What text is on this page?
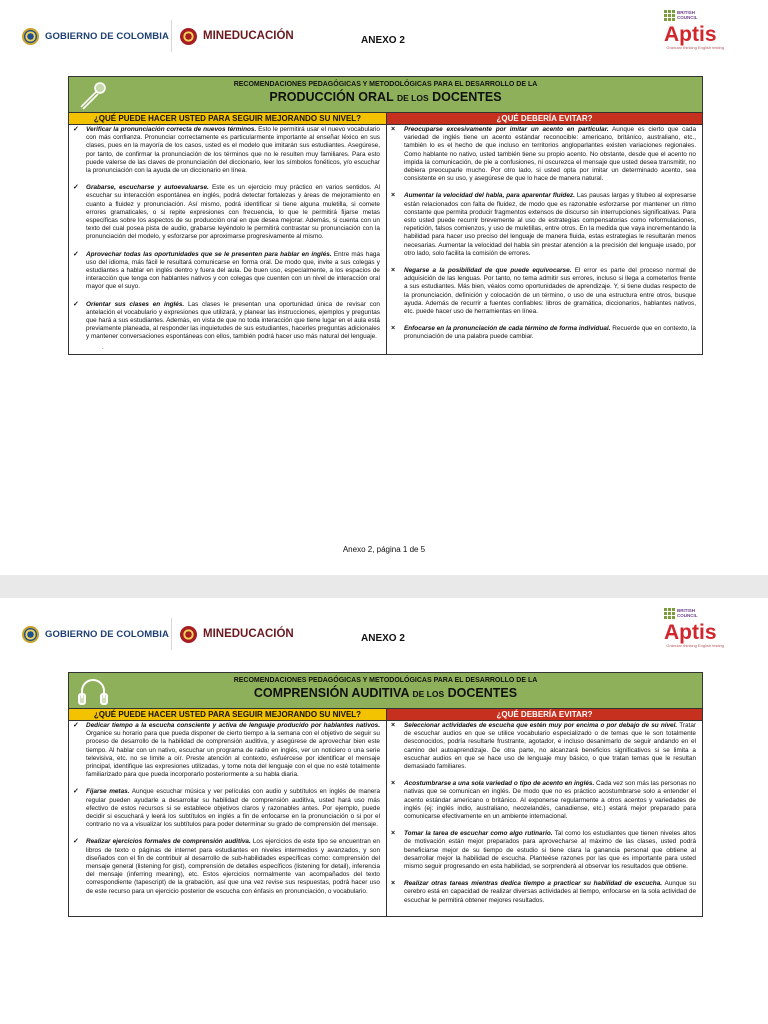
GOBIERNO DE COLOMBIA	MINEDUCACIÓN	ANEXO 2
BRITISH
COUNCIL
Aptis
Granular thinking English testing
RECOMENDACIONES PEDAGÓGICAS Y METODOLÓGICAS PARA EL DESARROLLO DE LA
PRODUCCIÓN ORAL DE LOS DOCENTES
¿QUÉ PUEDE HACER USTED PARA SEGUIR MEJORANDO SU NIVEL?	¿QUÉ DEBERÍA EVITAR?
✓	Verificar la pronunciación correcta de nuevos términos. Esto le permitirá usar el nuevo vocabulario con más confianza. Pronunciar correctamente es particularmente importante al enseñar léxico en sus clases, pues en la mayoría de los casos, usted es el modelo que imitarán sus estudiantes. Asegúrese, por tanto, de confirmar la pronunciación de los términos que no le resulten muy familiares. Para esto puede valerse de las claves de pronunciación del diccionario, leer los símbolos fonéticos, y/o escuchar la pronunciación con la ayuda de un diccionario en línea.
✓	Grabarse, escucharse y autoevaluarse. Este es un ejercicio muy práctico en varios sentidos. Al escuchar su interacción espontánea en inglés, podrá detectar fortalezas y áreas de mejoramiento en cuanto a fluidez y pronunciación. Así mismo, podrá identificar si tiene alguna muletilla, si comete errores gramaticales, o si repite expresiones con frecuencia, lo que le permitirá fijarse metas específicas sobre los aspectos de su producción oral en que desea mejorar. Además, si cuenta con un texto del cual posea pista de audio, grabarse leyéndolo le permitirá contrastar su pronunciación con la pronunciación del modelo, y esforzarse por aproximarse progresivamente al mismo.
✓	Aprovechar todas las oportunidades que se le presenten para hablar en inglés. Entre más haga uso del idioma, más fácil le resultará comunicarse en forma oral. De modo que, invite a sus colegas y estudiantes a hablar en inglés dentro y fuera del aula. De buen uso, especialmente, a los espacios de interacción que tenga con hablantes nativos y con colegas que cuenten con un nivel de interacción oral mayor que el suyo.
✓	Orientar sus clases en inglés. Las clases le presentan una oportunidad única de revisar con antelación el vocabulario y expresiones que utilizará, y planear las instrucciones, ejemplos y preguntas que hará a sus estudiantes. Además, en vista de que no toda interacción que tiene lugar en el aula está previamente planeada, al responder las inquietudes de sus estudiantes, hacerles preguntas adicionales y mantener conversaciones espontáneas con ellos, también podrá hacer uso más natural del lenguaje.
.
×	Preocuparse excesivamente por imitar un acento en particular. Aunque es cierto que cada variedad de inglés tiene un acento estándar reconocible: americano, británico, australiano, etc., también lo es el hecho de que incluso en territorios angloparlantes existen variaciones regionales. Como hablante no nativo, usted también tiene su propio acento. No obstante, desde que el acento no impida la comunicación, de pie a confusiones, ni oscurezca el mensaje que usted desea transmitir, no debiera preocuparle mucho. Por otro lado, si usted opta por imitar un determinado acento, sea consistente en su uso, y asegúrese de que lo hace de manera natural.
×	Aumentar la velocidad del habla, para aparentar fluidez. Las pausas largas y titubeo al expresarse están relacionados con falta de fluidez, de modo que es razonable esforzarse por mantener un ritmo constante que permita producir fragmentos extensos de discurso sin interrupciones significativas. Para esto usted puede recurrir brevemente al uso de estrategias compensatorias como reformulaciones, repetición, falsos comienzos, y uso de muletillas, entre otros. En la medida que vaya incrementando la habilidad para hacer uso preciso del lenguaje de manera fluida, estas estrategias le resultarán menos necesarias. Aumentar la velocidad del habla sin prestar atención a la precisión del lenguaje usado, por otro lado, solo facilita la comisión de errores.
×	Negarse a la posibilidad de que puede equivocarse. El error es parte del proceso normal de adquisición de las lenguas. Por tanto, no tema admitir sus errores, incluso si llega a cometerlos frente a sus estudiantes. Más bien, véalos como oportunidades de aprendizaje. Y, si tiene dudas respecto de la pronunciación, definición y colocación de un término, o uso de una estructura entre otros, busque ayuda. Además de recurrir a fuentes confiables: libros de gramática, diccionarios, hablantes nativos, etc. puede hacer uso de herramientas en línea.
×	Enfocarse en la pronunciación de cada término de forma individual. Recuerde que en contexto, la pronunciación de una palabra puede cambiar.
Anexo 2, página 1 de 5
GOBIERNO DE COLOMBIA	MINEDUCACIÓN	ANEXO 2
BRITISH
COUNCIL
Aptis
Granular thinking English testing
RECOMENDACIONES PEDAGÓGICAS Y METODOLÓGICAS PARA EL DESARROLLO DE LA
COMPRENSIÓN AUDITIVA DE LOS DOCENTES
¿QUÉ PUEDE HACER USTED PARA SEGUIR MEJORANDO SU NIVEL?	¿QUÉ DEBERÍA EVITAR?
✓	Dedicar tiempo a la escucha consciente y activa de lenguaje producido por hablantes nativos. Organice su horario para que pueda disponer de cierto tiempo a la semana con el objetivo de seguir su proceso de desarrollo de la habilidad de comprensión auditiva, y asegúrese de aprovechar bien este tiempo. Al hablar con un nativo, escuchar un programa de radio en inglés, ver un noticiero o una serie televisiva, etc. no se limite a oír. Preste atención al contexto, esfuércese por identificar el mensaje principal, identifique las expresiones utilizadas, y tome nota del lenguaje con el que no esté totalmente familiarizado para que pueda incorporarlo posteriormente a su habla diaria.
✓	Fijarse metas. Aunque escuchar música y ver películas con audio y subtítulos en inglés de manera regular pueden ayudarle a desarrollar su habilidad de comprensión auditiva, usted hará uso más efectivo de estos recursos si se establece objetivos claros y razonables antes. Por ejemplo, puede decidir si escuchará y leerá los subtítulos en inglés a fin de enfocarse en la pronunciación o si por el contrario no va a visualizar los subtítulos para poder determinar su grado de comprensión del mensaje.
✓	Realizar ejercicios formales de comprensión auditiva. Los ejercicios de este tipo se encuentran en libros de texto o páginas de internet para estudiantes en niveles intermedios y avanzados, y son diseñados con el fin de contribuir al desarrollo de sub-habilidades específicas como: comprensión del mensaje general (listening for gist), comprensión de detalles específicos (listening for detail), inferencia del mensaje (inferring meaning), etc. Estos ejercicios normalmente van acompañados del texto correspondiente (tapescript) de la grabación, así que una vez revise sus respuestas, podrá hacer uso de este recurso para un ejercicio posterior de escucha con énfasis en pronunciación, o vocabulario.
×	Seleccionar actividades de escucha que estén muy por encima o por debajo de su nivel. Tratar de escuchar audios en que se utilice vocabulario especializado o de temas que le son totalmente desconocidos, podría resultarle frustrante, agotador, e incluso desanimarlo de seguir andando en el camino del autoaprendizaje. De otra parte, no alcanzará beneficios significativos si se limita a escuchar audios en que se hace uso de lenguaje muy básico, o que tratan temas que le resultan demasiado familiares.
×	Acostumbrarse a una sola variedad o tipo de acento en inglés. Cada vez son más las personas no nativas que se comunican en inglés. De modo que no es práctico acostumbrarse solo a entender el acento estándar americano o británico. Al exponerse regularmente a otros acentos y variedades de inglés (ej: inglés indio, australiano, neozelandés, canadiense, etc.) estará mejor preparado para comunicarse efectivamente en un ambiente internacional.
×	Tomar la tarea de escuchar como algo rutinario. Tal como los estudiantes que tienen niveles altos de motivación están mejor preparados para aprovecharse al máximo de las clases, usted podrá beneficiarse mejor de su tiempo de estudio si tiene clara la ganancia personal que obtiene al desarrollar mejor la habilidad de escucha. Planteése razones por las que es importante para usted mismo seguir progresando en esta habilidad, se sorprenderá al observar los resultados que obtiene.
×	Realizar otras tareas mientras dedica tiempo a practicar su habilidad de escucha. Aunque su cerebro está en capacidad de realizar diversas actividades al tiempo, enfocarse en la sola actividad de escuchar le permitirá obtener mejores resultados.
